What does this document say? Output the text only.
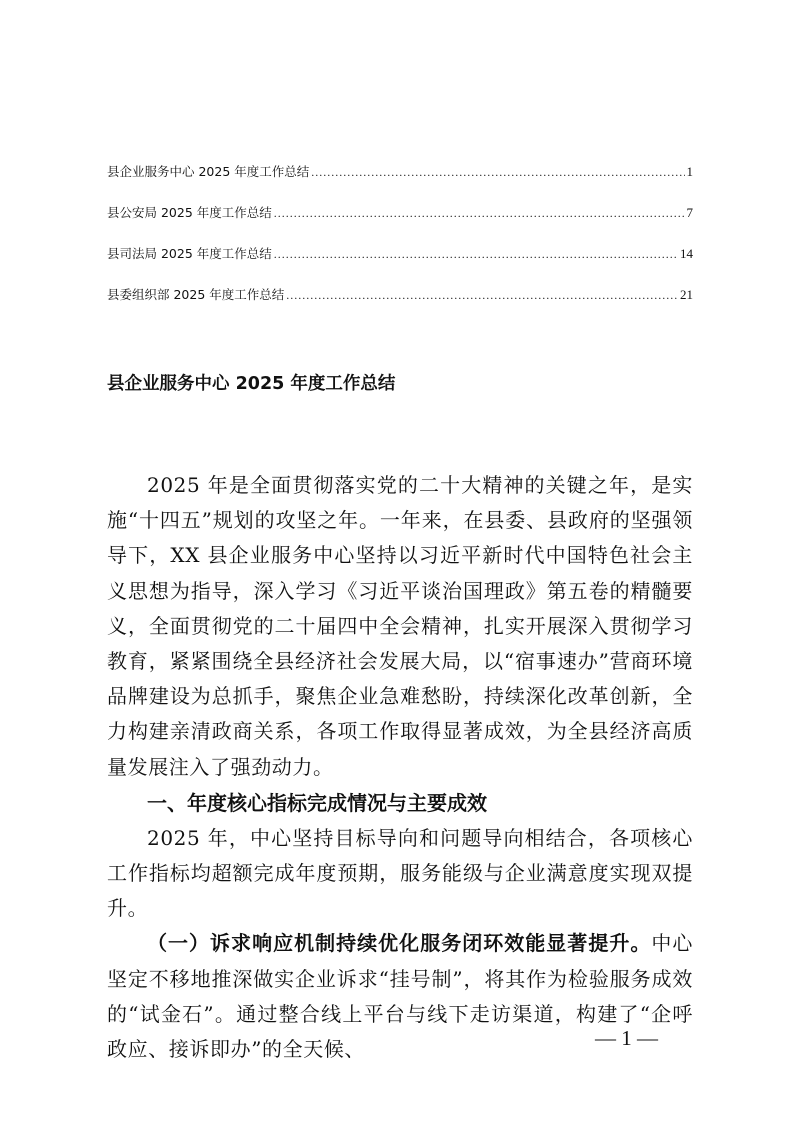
县企业服务中心 2025 年度工作总结 .....	1
县公安局 2025 年度工作总结 .....	7
县司法局 2025 年度工作总结 .....	14
县委组织部 2025 年度工作总结 .....	21
县企业服务中心 2025 年度工作总结

2025 年是全面贯彻落实党的二十大精神的关键之年，是实施“十四五”规划的攻坚之年。一年来，在县委、县政府的坚强领导下，XX 县企业服务中心坚持以习近平新时代中国特色社会主义思想为指导，深入学习《习近平谈治国理政》第五卷的精髓要义，全面贯彻党的二十届四中全会精神，扎实开展深入贯彻学习教育，紧紧围绕全县经济社会发展大局，以“宿事速办”营商环境品牌建设为总抓手，聚焦企业急难愁盼，持续深化改革创新，全力构建亲清政商关系，各项工作取得显著成效，为全县经济高质量发展注入了强劲动力。

一、年度核心指标完成情况与主要成效

2025 年，中心坚持目标导向和问题导向相结合，各项核心工作指标均超额完成年度预期，服务能级与企业满意度实现双提升。

（一）诉求响应机制持续优化服务闭环效能显著提升。中心坚定不移地推深做实企业诉求“挂号制”，将其作为检验服务成效的“试金石”。通过整合线上平台与线下走访渠道，构建了“企呼政应、接诉即办”的全天候、	— 1 —
